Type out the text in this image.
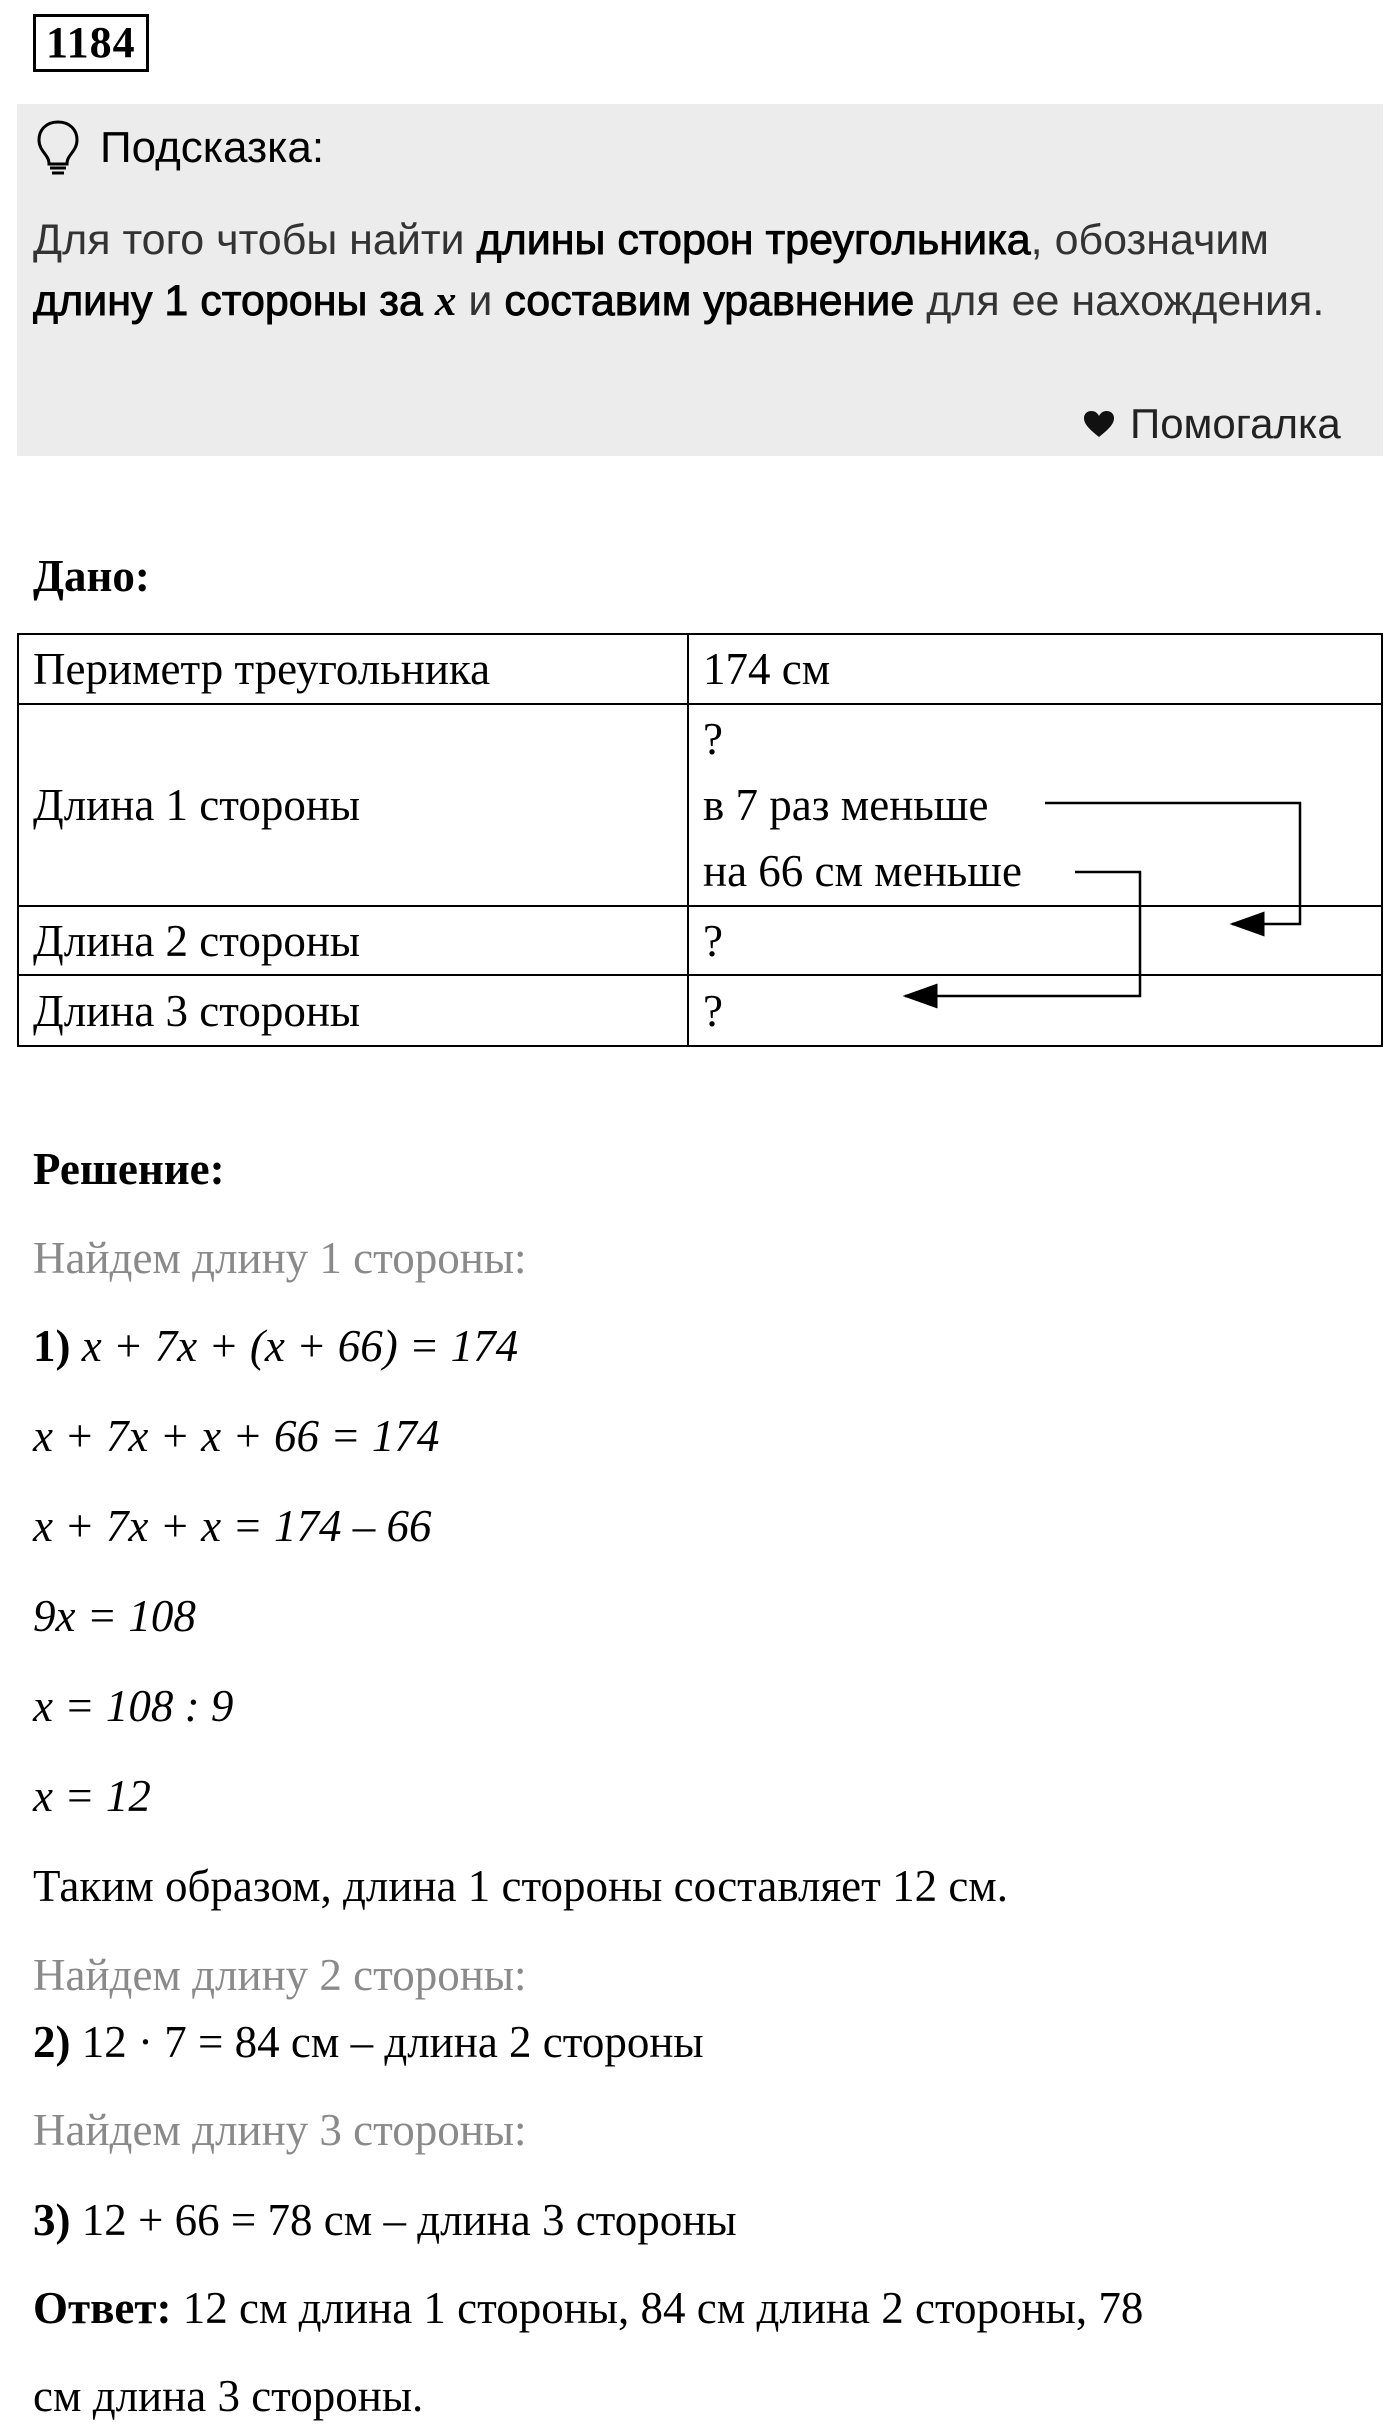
1184
Подсказка:
Для того чтобы найти длины сторон треугольника, обозначим длину 1 стороны за x и составим уравнение для ее нахождения.
Помогалка
Дано:
Периметр треугольника	174 см
Длина 1 стороны	?
в 7 раз меньше
на 66 см меньше

Длина 2 стороны	?
Длина 3 стороны	?
Решение:
Найдем длину 1 стороны:
1) x + 7x + (x + 66) = 174
x + 7x + x + 66 = 174
x + 7x + x = 174 – 66
9x = 108
x = 108 : 9
x = 12
Таким образом, длина 1 стороны составляет 12 см.
Найдем длину 2 стороны:
2) 12 · 7 = 84 см – длина 2 стороны
Найдем длину 3 стороны:
3) 12 + 66 = 78 см – длина 3 стороны
Ответ: 12 см длина 1 стороны, 84 см длина 2 стороны, 78
см длина 3 стороны.
